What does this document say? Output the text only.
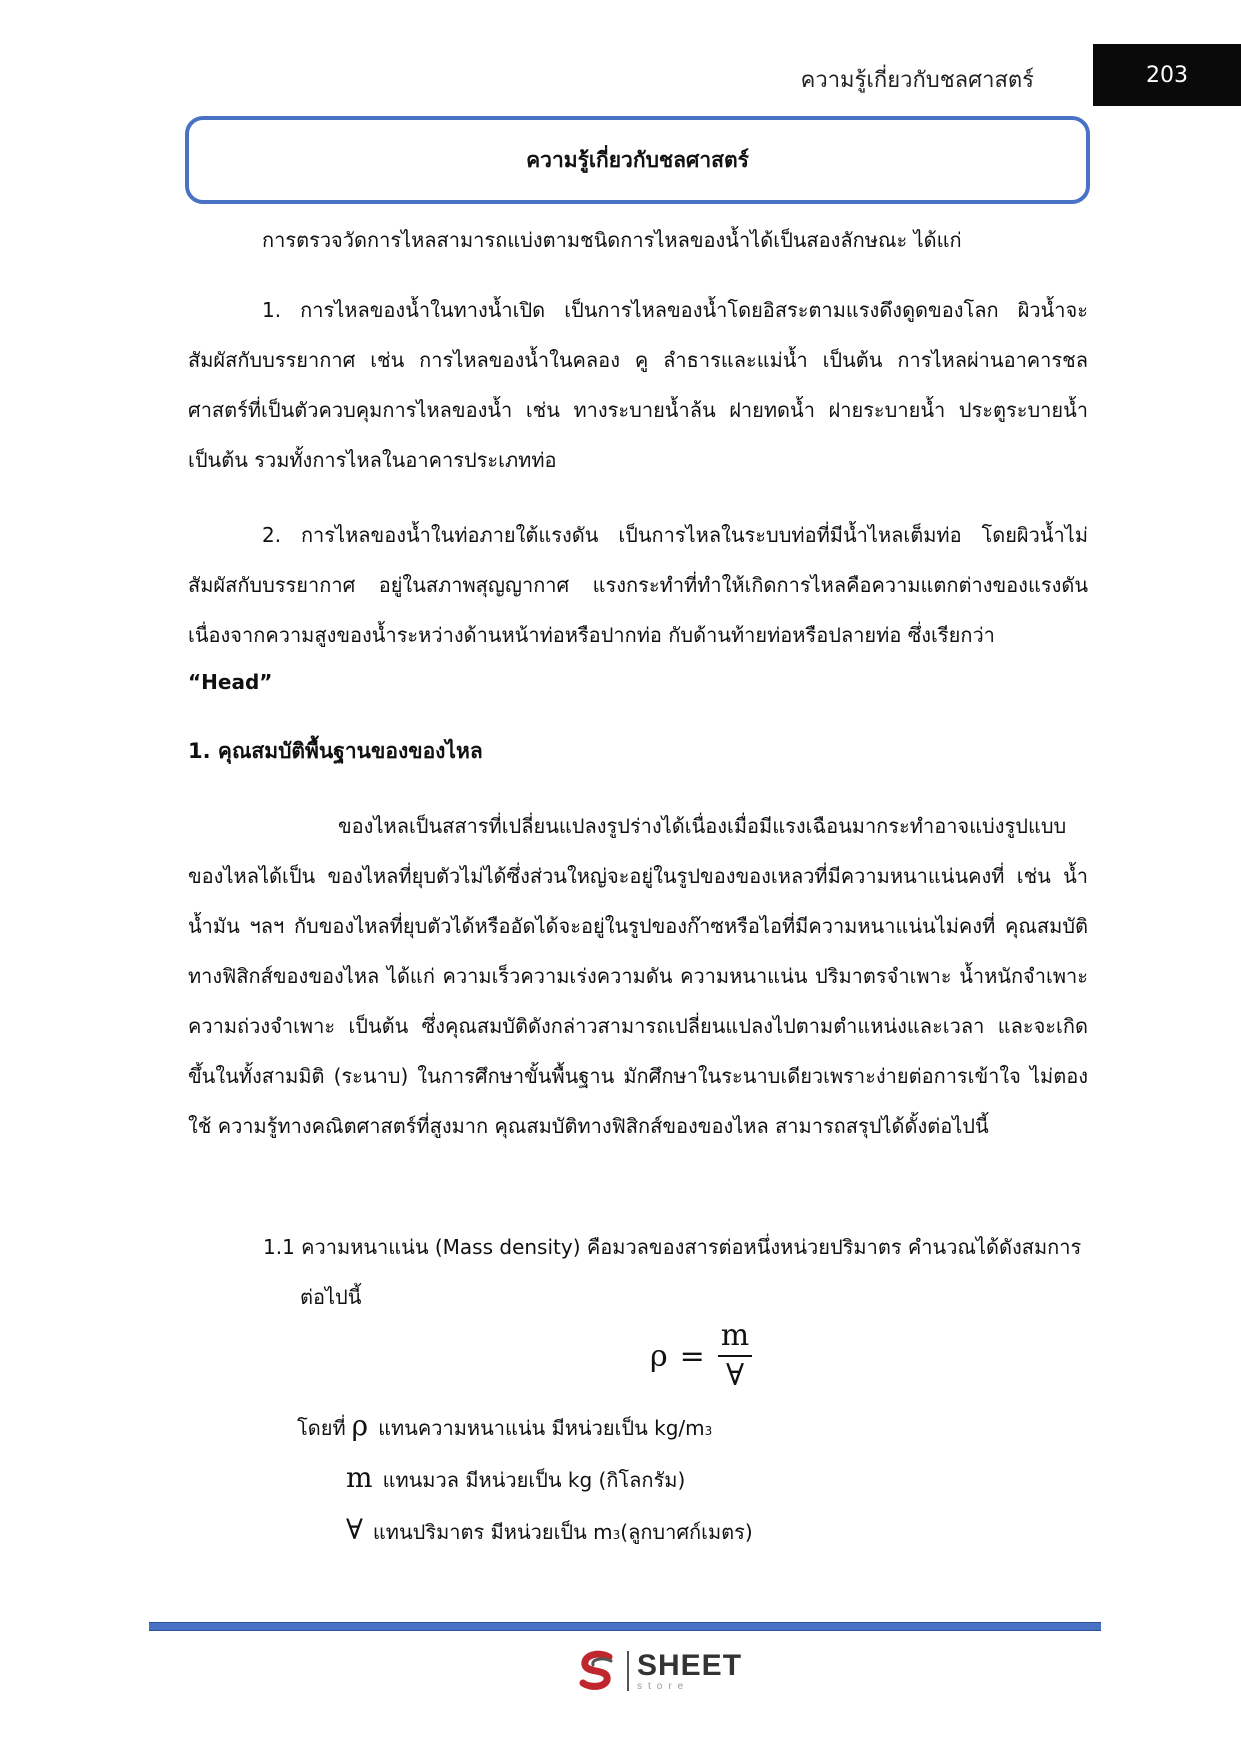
ความรู้เกี่ยวกับชลศาสตร์	203
ความรู้เกี่ยวกับชลศาสตร์

การตรวจวัดการไหลสามารถแบ่งตามชนิดการไหลของน้ำได้เป็นสองลักษณะ ได้แก่

1. การไหลของน้ำในทางน้ำเปิด เป็นการไหลของน้ำโดยอิสระตามแรงดึงดูดของโลก ผิวน้ำจะสัมผัสกับบรรยากาศ เช่น การไหลของน้ำในคลอง คู ลำธารและแม่น้ำ เป็นต้น การไหลผ่านอาคารชลศาสตร์ที่เป็นตัวควบคุมการไหลของน้ำ เช่น ทางระบายน้ำล้น ฝายทดน้ำ ฝายระบายน้ำ ประตูระบายน้ำ เป็นต้น รวมทั้งการไหลในอาคารประเภทท่อ

2. การไหลของน้ำในท่อภายใต้แรงดัน เป็นการไหลในระบบท่อที่มีน้ำไหลเต็มท่อ โดยผิวน้ำไม่สัมผัสกับบรรยากาศ อยู่ในสภาพสุญญากาศ แรงกระทำที่ทำให้เกิดการไหลคือความแตกต่างของแรงดันเนื่องจากความสูงของน้ำระหว่างด้านหน้าท่อหรือปากท่อ กับด้านท้ายท่อหรือปลายท่อ ซึ่งเรียกว่า

“Head”

1. คุณสมบัติพื้นฐานของของไหล

ของไหลเป็นสสารที่เปลี่ยนแปลงรูปร่างได้เนื่องเมื่อมีแรงเฉือนมากระทำอาจแบ่งรูปแบบของไหลได้เป็น ของไหลที่ยุบตัวไม่ได้ซึ่งส่วนใหญ่จะอยู่ในรูปของของเหลวที่มีความหนาแน่นคงที่ เช่น น้ำ น้ำมัน ฯลฯ กับของไหลที่ยุบตัวได้หรืออัดได้จะอยู่ในรูปของก๊าซหรือไอที่มีความหนาแน่นไม่คงที่ คุณสมบัติทางฟิสิกส์ของของไหล ได้แก่ ความเร็วความเร่งความดัน ความหนาแน่น ปริมาตรจำเพาะ น้ำหนักจำเพาะ ความถ่วงจำเพาะ เป็นต้น ซึ่งคุณสมบัติดังกล่าวสามารถเปลี่ยนแปลงไปตามตำแหน่งและเวลา และจะเกิดขึ้นในทั้งสามมิติ (ระนาบ) ในการศึกษาขั้นพื้นฐาน มักศึกษาในระนาบเดียวเพราะง่ายต่อการเข้าใจ ไม่ตองใช้ ความรู้ทางคณิตศาสตร์ที่สูงมาก คุณสมบัติทางฟิสิกส์ของของไหล สามารถสรุปได้ดั้งต่อไปนี้

1.1 ความหนาแน่น (Mass density) คือมวลของสารต่อหนึ่งหน่วยปริมาตร คำนวณได้ดังสมการ

ต่อไปนี้

$\rho = \frac{m}{\forall}$
โดยที่ ρ แทนความหนาแน่น มีหน่วยเป็น kg/m 3
m แทนมวล มีหน่วยเป็น kg (กิโลกรัม)
∀ แทนปริมาตร มีหน่วยเป็น m 3 (ลูกบาศก์เมตร)
SHEET
store
